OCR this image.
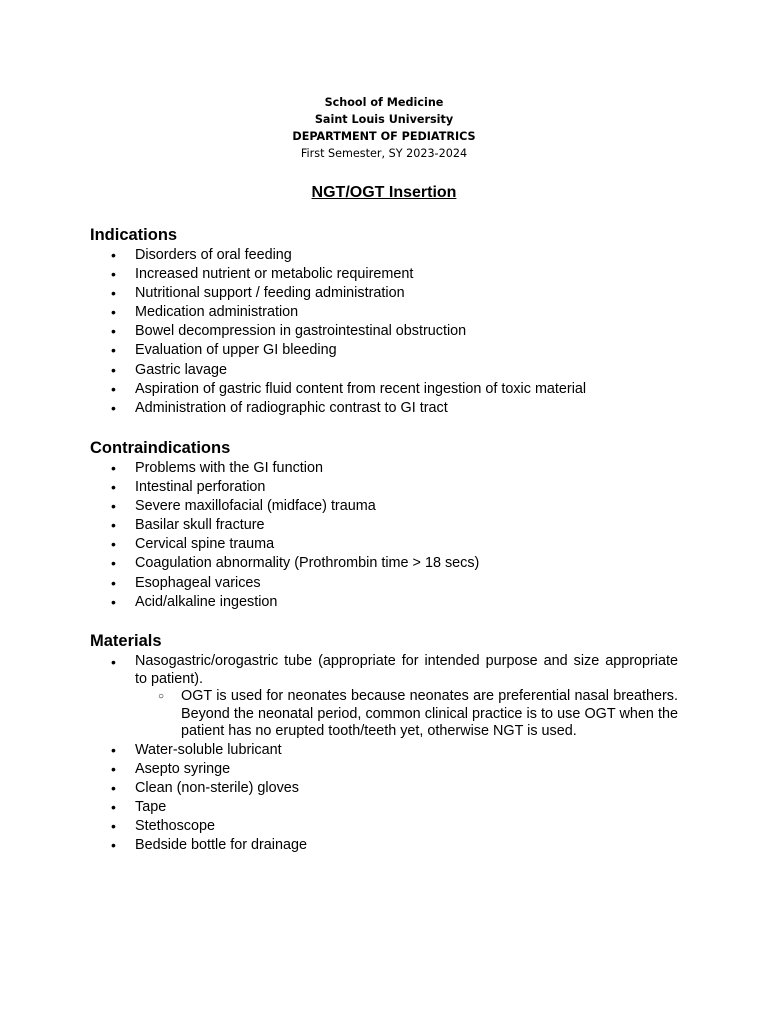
School of Medicine
Saint Louis University
DEPARTMENT OF PEDIATRICS
First Semester, SY 2023-2024
NGT/OGT Insertion
Indications
• Disorders of oral feeding
• Increased nutrient or metabolic requirement
• Nutritional support / feeding administration
• Medication administration
• Bowel decompression in gastrointestinal obstruction
• Evaluation of upper GI bleeding
• Gastric lavage
• Aspiration of gastric fluid content from recent ingestion of toxic material
• Administration of radiographic contrast to GI tract
Contraindications
• Problems with the GI function
• Intestinal perforation
• Severe maxillofacial (midface) trauma
• Basilar skull fracture
• Cervical spine trauma
• Coagulation abnormality (Prothrombin time > 18 secs)
• Esophageal varices
• Acid/alkaline ingestion
Materials
• Nasogastric/orogastric tube (appropriate for intended purpose and size appropriate to patient).
○ OGT is used for neonates because neonates are preferential nasal breathers. Beyond the neonatal period, common clinical practice is to use OGT when the patient has no erupted tooth/teeth yet, otherwise NGT is used.
• Water-soluble lubricant
• Asepto syringe
• Clean (non-sterile) gloves
• Tape
• Stethoscope
• Bedside bottle for drainage
